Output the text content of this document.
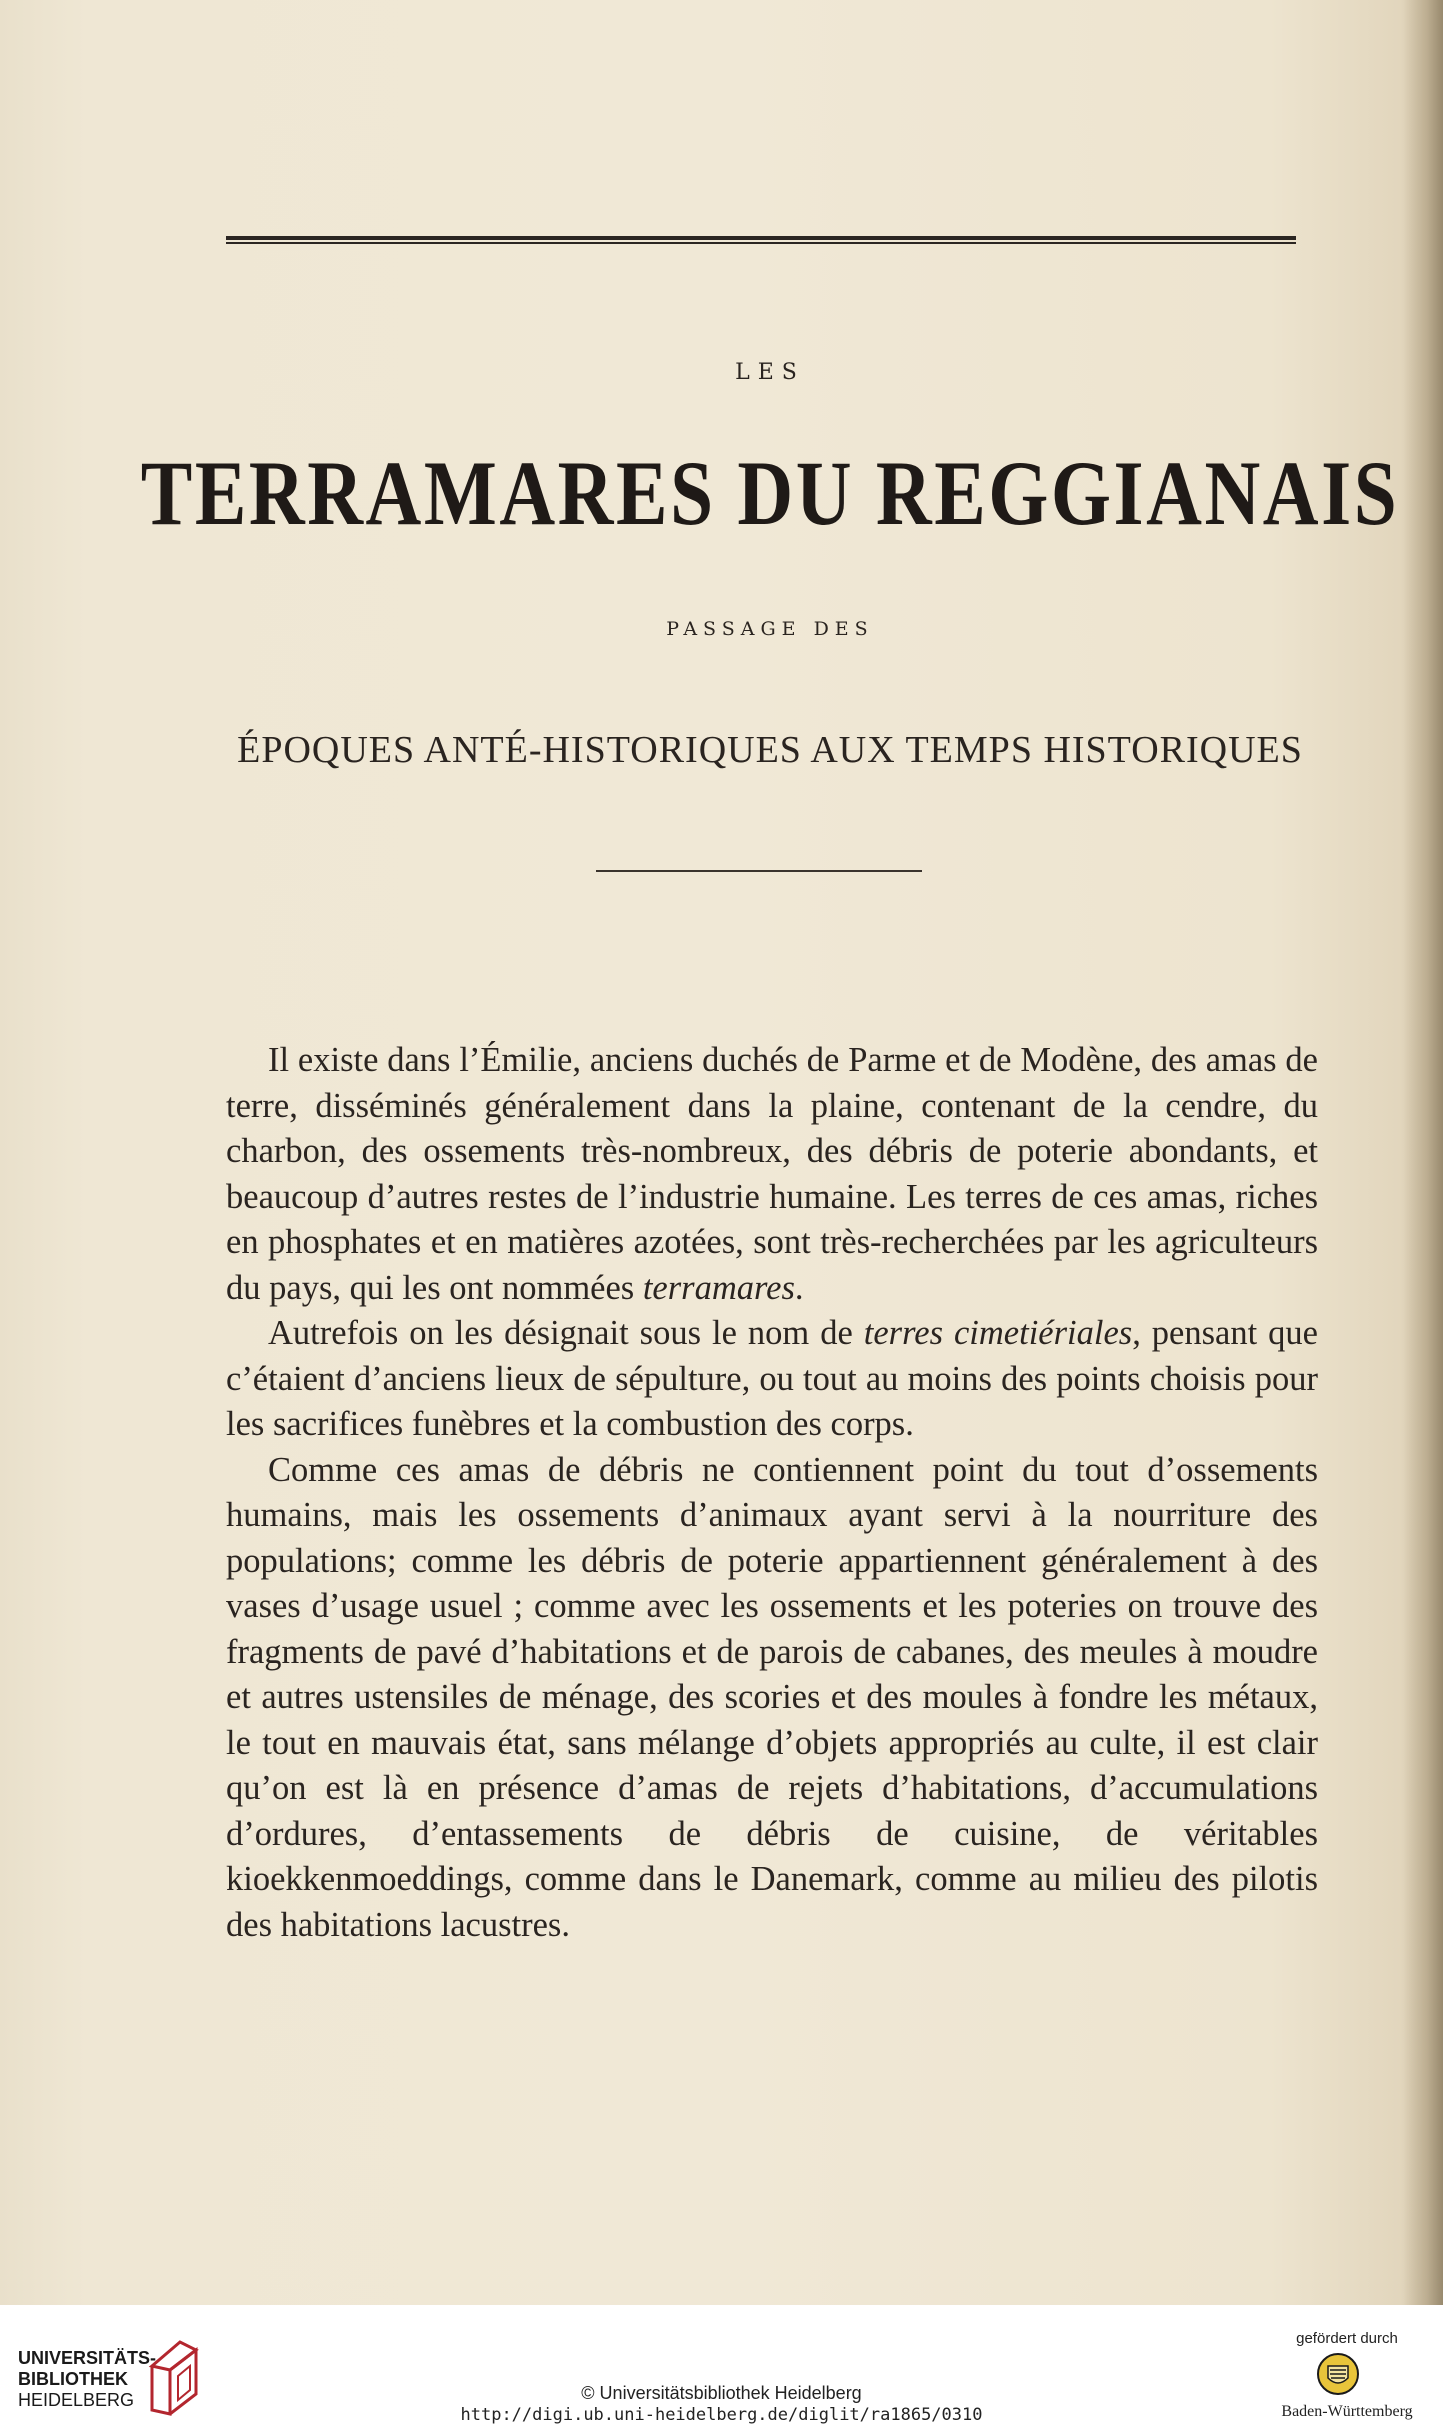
LES
TERRAMARES DU REGGIANAIS
PASSAGE DES
ÉPOQUES ANTÉ-HISTORIQUES AUX TEMPS HISTORIQUES

Il existe dans l’Émilie, anciens duchés de Parme et de Modène, des amas de terre, disséminés généralement dans la plaine, contenant de la cendre, du charbon, des ossements très-nombreux, des débris de poterie abondants, et beaucoup d’autres restes de l’industrie humaine. Les terres de ces amas, riches en phosphates et en matières azotées, sont très-recherchées par les agriculteurs du pays, qui les ont nommées terramares.

Autrefois on les désignait sous le nom de terres cimetiériales, pensant que c’étaient d’anciens lieux de sépulture, ou tout au moins des points choisis pour les sacrifices funèbres et la combustion des corps.

Comme ces amas de débris ne contiennent point du tout d’ossements humains, mais les ossements d’animaux ayant servi à la nourriture des populations; comme les débris de poterie appartiennent généralement à des vases d’usage usuel ; comme avec les ossements et les poteries on trouve des fragments de pavé d’habitations et de parois de cabanes, des meules à moudre et autres ustensiles de ménage, des scories et des moules à fondre les métaux, le tout en mauvais état, sans mélange d’objets appropriés au culte, il est clair qu’on est là en présence d’amas de rejets d’habitations, d’accumulations d’ordures, d’entassements de débris de cuisine, de véritables kioekkenmoeddings, comme dans le Danemark, comme au milieu des pilotis des habitations lacustres.

UNIVERSITÄTS-
BIBLIOTHEK
HEIDELBERG	© Universitätsbibliothek Heidelberg
http://digi.ub.uni-heidelberg.de/diglit/ra1865/0310
gefördert durch
Baden-Württemberg
